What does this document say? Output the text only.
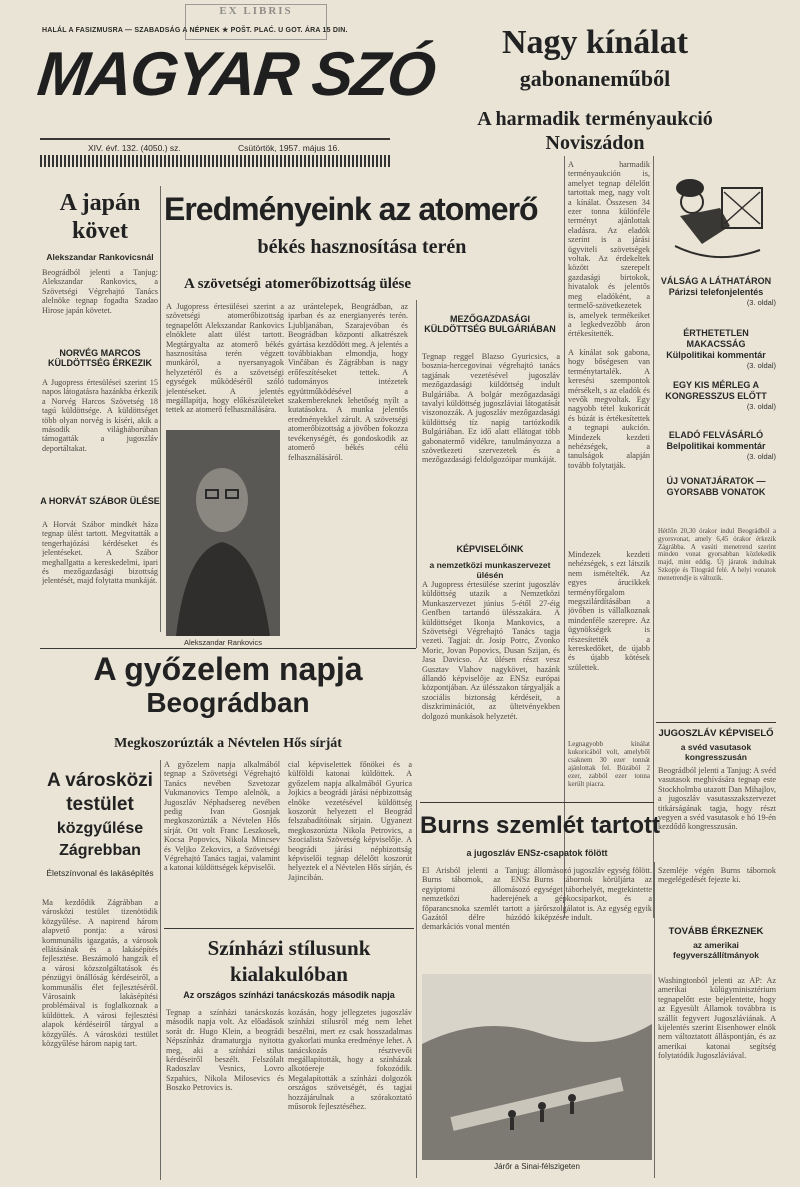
HALÁL A FASIZMUSRA — SZABADSÁG A NÉPNEK ★ POŠT. PLAĆ. U GOT. ÁRA 15 DIN.
EX LIBRIS
MAGYAR SZÓ
XIV. évf. 132. (4050.) sz.	Csütörtök, 1957. május 16.
Nagy kínálat
gabonaneműből
A harmadik terményaukció
Noviszádon
A harmadik terményaukción is, amelyet tegnap délelőtt tartottak meg, nagy volt a kínálat. Összesen 34 ezer tonna különféle terményt ajánlottak eladásra. Az eladók szerint is a járási ügyviteli szövetségek voltak. Az érdekeltek között szerepelt gazdasági birtokok, hivatalok és jelentős meg eladóként, a termelő-szövetkezetek is, amelyek termékeiket a legkedvezőbb áron értékesítették.
A kínálat sok gabona, hogy bőségesen van terménytartalék. A keresési szempontok mérsékelt, s az eladók és vevők megvoltak. Egy nagyobb tétel kukoricát és búzát is értékesítettek a tegnapi aukción. Mindezek kezdeti nehézségek, a tanulságok alapján tovább folytatják.
Mindezek kezdeti nehézségek, s ezt látszik nem ismételték. Az egyes árucikkek terményfőrgalom megszilárdításában a jövőben is vállalkoznak mindenféle szerepre. Az ügynökségek is részesítették a kereskedőket, de újabb és újabb kötések születtek.
Legnagyobb kínálat kukoricából volt, amelyből csaknem 30 ezer tonnát ajánlottak fel. Búzából 2 ezer, zabból ezer tonna került piacra.
VÁLSÁG A LÁTHATÁRON
Párizsi telefonjelentés
(3. oldal)
ÉRTHETETLEN MAKACSSÁG
Külpolitikai kommentár
(3. oldal)
EGY KIS MÉRLEG A KONGRESSZUS ELŐTT
(3. oldal)
ELADÓ FELVÁSÁRLÓ
Belpolitikai kommentár
(3. oldal)
ÚJ VONATJÁRATOK — GYORSABB VONATOK
Hétfőn 20,30 órakor indul Beográdból a gyorsvonat, amely 6,45 órakor érkezik Zágrábba. A vasúti menetrend szerint minden vonat gyorsabban közlekedik majd, mint eddig. Új járatok indulnak Szkopje és Titográd felé. A helyi vonatok menetrendje is változik.
JUGOSZLÁV KÉPVISELŐ
a svéd vasutasok kongresszusán
Beográdból jelenti a Tanjug: A svéd vasutasok meghívására tegnap este Stockholmba utazott Dan Mihajlov, a jugoszláv vasutasszakszervezet titkárságának tagja, hogy részt vegyen a svéd vasutasok e hó 19-én kezdődő kongresszusán.
A japán
követ
Alekszandar Rankovicsnál
Beográdból jelenti a Tanjug: Alekszandar Rankovics, a Szövetségi Végrehajtó Tanács alelnöke tegnap fogadta Szadao Hirose japán követet.
NORVÉG MARCOS KÜLDÖTTSÉG ÉRKEZIK
A Jugopress értesülései szerint 15 napos látogatásra hazánkba érkezik a Norvég Harcos Szövetség 18 tagú küldöttsége. A küldöttséget több olyan norvég is kíséri, akik a második világháborúban támogatták a jugoszláv deportáltakat.
A HORVÁT SZÁBOR ÜLÉSE
A Horvát Szábor mindkét háza tegnap ülést tartott. Megvitatták a tengerhajózási kérdéseket és jelentéseket. A Szábor meghallgatta a kereskedelmi, ipari és mezőgazdasági bizottság jelentését, majd folytatta munkáját.
Eredményeink az atomerő
békés hasznosítása terén
A szövetségi atomerőbizottság ülése
A Jugopress értesülései szerint a szövetségi atomerőbizottság tegnapelőtt Alekszandar Rankovics elnöklete alatt ülést tartott. Megtárgyalta az atomerő békés hasznosítása terén végzett munkáról, a nyersanyagok helyzetéről és a szövetségi egységek működéséről szóló jelentéseket. A jelentés megállapítja, hogy előkészületeket tettek az atomerő felhasználására.
Alekszandar Rankovics
az urántelepek, Beográdban, az iparban és az energianyerés terén. Ljubljanában, Szarajevóban és Beográdban központi alkatrészek gyártása kezdődött meg. A jelentés a továbbiakban elmondja, hogy Vinčában és Zágrábban is nagy erőfeszítéseket tettek. A tudományos intézetek együttműködésével a szakembereknek lehetőség nyílt a kutatásokra. A munka jelentős eredményekkel zárult. A szövetségi atomerőbizottság a jövőben fokozza tevékenységét, és gondoskodik az atomerő békés célú felhasználásáról.
MEZŐGAZDASÁGI KÜLDÖTTSÉG BULGÁRIÁBAN
Tegnap reggel Blazso Gyuricsics, a bosznia-hercegovinai végrehajtó tanács tagjának vezetésével jugoszláv mezőgazdasági küldöttség indult Bulgáriába. A bolgár mezőgazdasági tavalyi küldöttség jugoszláviai látogatását viszonozzák. A jugoszláv mezőgazdasági küldöttség tíz napig tartózkodik Bulgáriában. Ez idő alatt ellátogat több gabonatermő vidékre, tanulmányozza a szövetkezeti szervezetek és a mezőgazdasági feldolgozóipar munkáját.
KÉPVISELŐINK
a nemzetközi munkaszervezet ülésén
A Jugopress értesülése szerint jugoszláv küldöttség utazik a Nemzetközi Munkaszervezet június 5-étől 27-éig Genfben tartandó ülésszakára. A küldöttséget Ikonja Mankovics, a Szövetségi Végrehajtó Tanács tagja vezeti. Tagjai: dr. Josip Potrc, Zvonko Moric, Jovan Popovics, Dusan Szijan, és Jasa Davicso. Az ülésen részt vesz Gusztav Vlahov nagykövet, hazánk állandó képviselője az ENSz európai központjában. Az ülésszakon tárgyalják a szociális biztonság kérdéseit, a diszkriminációt, az ültetvényekben dolgozó munkások helyzetét.
A győzelem napja
Beográdban
Megkoszorúzták a Névtelen Hős sírját
A győzelem napja alkalmából tegnap a Szövetségi Végrehajtó Tanács nevében Szvetozar Vukmanovics Tempo alelnök, a Jugoszláv Néphadsereg nevében pedig Ivan Gosnjak megkoszorúzták a Névtelen Hős sírját. Ott volt Franc Leszkosek, Kocsa Popovics, Nikola Mincsev és Veljko Zekovics, a Szövetségi Végrehajtó Tanács tagjai, valamint a katonai küldöttségek képviselői.
cial képviselettek főnökei és a külföldi katonai küldöttek. A győzelem napja alkalmából Gyurica Jojkics a beográdi járási népbizottság elnöke vezetésével küldöttség koszorút helyezett el Beográd felszabadítóinak sírjain. Ugyanezt megkoszorúzta Nikola Petrovics, a Szocialista Szövetség képviselője. A beográdi járási népbizottság képviselői tegnap délelőtt koszorút helyeztek el a Névtelen Hős sírján, és Jajincibán.
A városközi
testület
közgyűlése
Zágrebban
Életszínvonal és lakásépítés
Ma kezdődik Zágrábban a városközi testület tizenötödik közgyűlése. A napirend három alapvető pontja: a városi kommunális igazgatás, a városok ellátásának és a lakásépítés fejlesztése. Beszámoló hangzik el a városi közszolgáltatások és pénzügyi önállóság kérdéseiről, a kommunális élet fejlesztéséről. Városaink lakásépítési problémáival is foglalkoznak a küldöttek. A városi fejlesztési alapok kérdéseiről tárgyal a közgyűlés. A városközi testület közgyűlése három napig tart.
Színházi stílusunk
kialakulóban
Az országos színházi tanácskozás második napja
Tegnap a színházi tanácskozás második napja volt. Az előadások sorát dr. Hugo Klein, a beográdi Népszínház dramaturgja nyitotta meg, aki a színházi stílus kérdéseiről beszélt. Felszólalt Radoszlav Vesnics, Lovro Szpahics, Nikola Milosevics és Boszko Petrovics is.
kozásán, hogy jellegzetes jugoszláv színházi stílusról még nem lehet beszélni, mert ez csak hosszadalmas gyakorlati munka eredménye lehet. A tanácskozás résztvevői megállapították, hogy a színházak alkotóereje fokozódik. Megalapították a színházi dolgozók országos szövetségét, és tagjai hozzájárulnak a szórakoztató műsorok fejlesztéséhez.
Burns szemlét tartott
a jugoszláv ENSz-csapatok fölött
El Arisból jelenti a Tanjug: Burns tábornok, az ENSz egyiptomi állomásozó nemzetközi haderejének főparancsnoka szemlét tartott a Gazától délre húzódó demarkációs vonal mentén
állomásozó jugoszláv egység fölött. Burns tábornok körüljárta az egységet táborhelyét, megtekintette a gépkocsiparkot, és a járőrszolgálatot is. Az egység egyik kiképzésre indult.
Járőr a Sinai-félszigeten
Szemléje végén Burns tábornok megelégedését fejezte ki.
TOVÁBB ÉRKEZNEK
az amerikai fegyverszállítmányok
Washingtonból jelenti az AP: Az amerikai külügyminisztérium tegnapelőtt este bejelentette, hogy az Egyesült Államok továbbra is szállít fegyvert Jugoszláviának. A kijelentés szerint Eisenhower elnök nem változtatott álláspontján, és az amerikai katonai segítség folytatódik Jugoszláviával.
